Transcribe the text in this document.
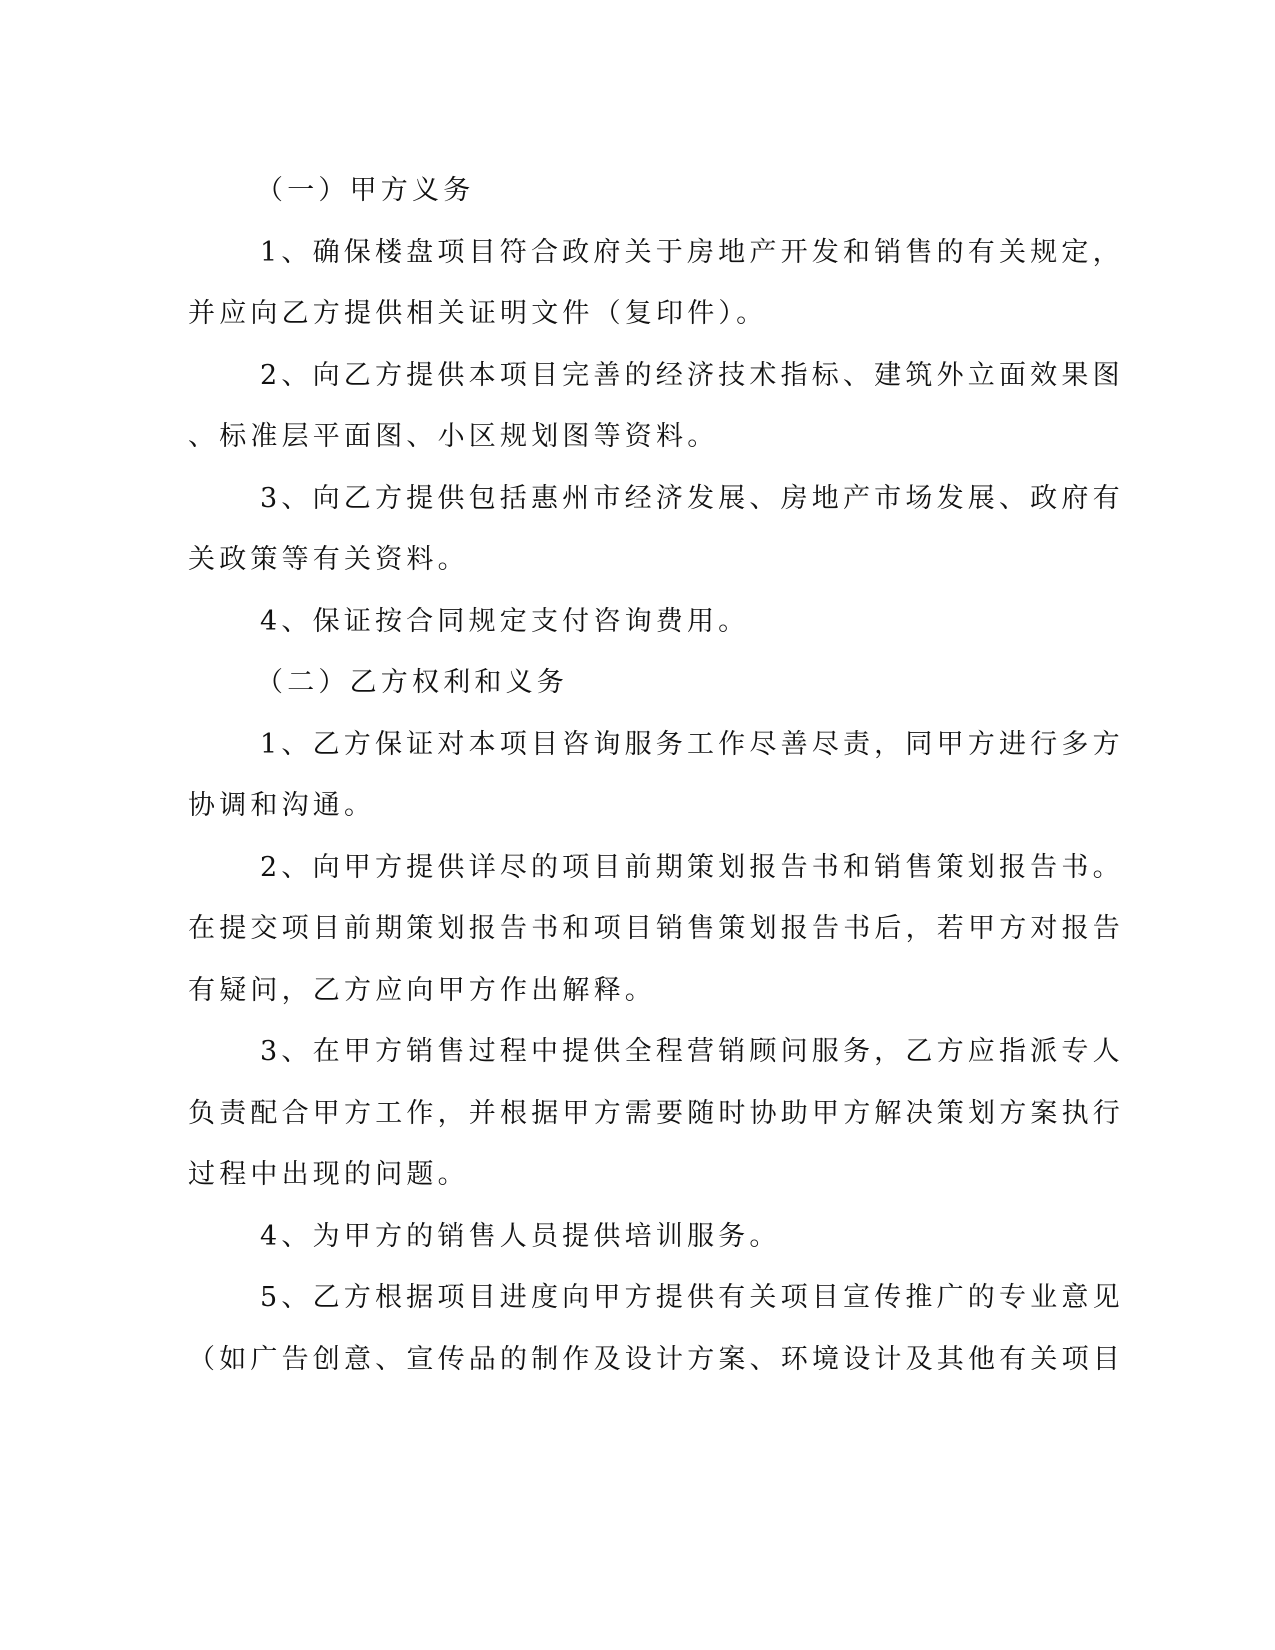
（一）甲方义务
1、确保楼盘项目符合政府关于房地产开发和销售的有关规定，
并应向乙方提供相关证明文件（复印件）。
2、向乙方提供本项目完善的经济技术指标、建筑外立面效果图
、标准层平面图、小区规划图等资料。
3、向乙方提供包括惠州市经济发展、房地产市场发展、政府有
关政策等有关资料。
4、保证按合同规定支付咨询费用。
（二）乙方权利和义务
1、乙方保证对本项目咨询服务工作尽善尽责，同甲方进行多方
协调和沟通。
2、向甲方提供详尽的项目前期策划报告书和销售策划报告书。
在提交项目前期策划报告书和项目销售策划报告书后，若甲方对报告
有疑问，乙方应向甲方作出解释。
3、在甲方销售过程中提供全程营销顾问服务，乙方应指派专人
负责配合甲方工作，并根据甲方需要随时协助甲方解决策划方案执行
过程中出现的问题。
4、为甲方的销售人员提供培训服务。
5、乙方根据项目进度向甲方提供有关项目宣传推广的专业意见
（如广告创意、宣传品的制作及设计方案、环境设计及其他有关项目
